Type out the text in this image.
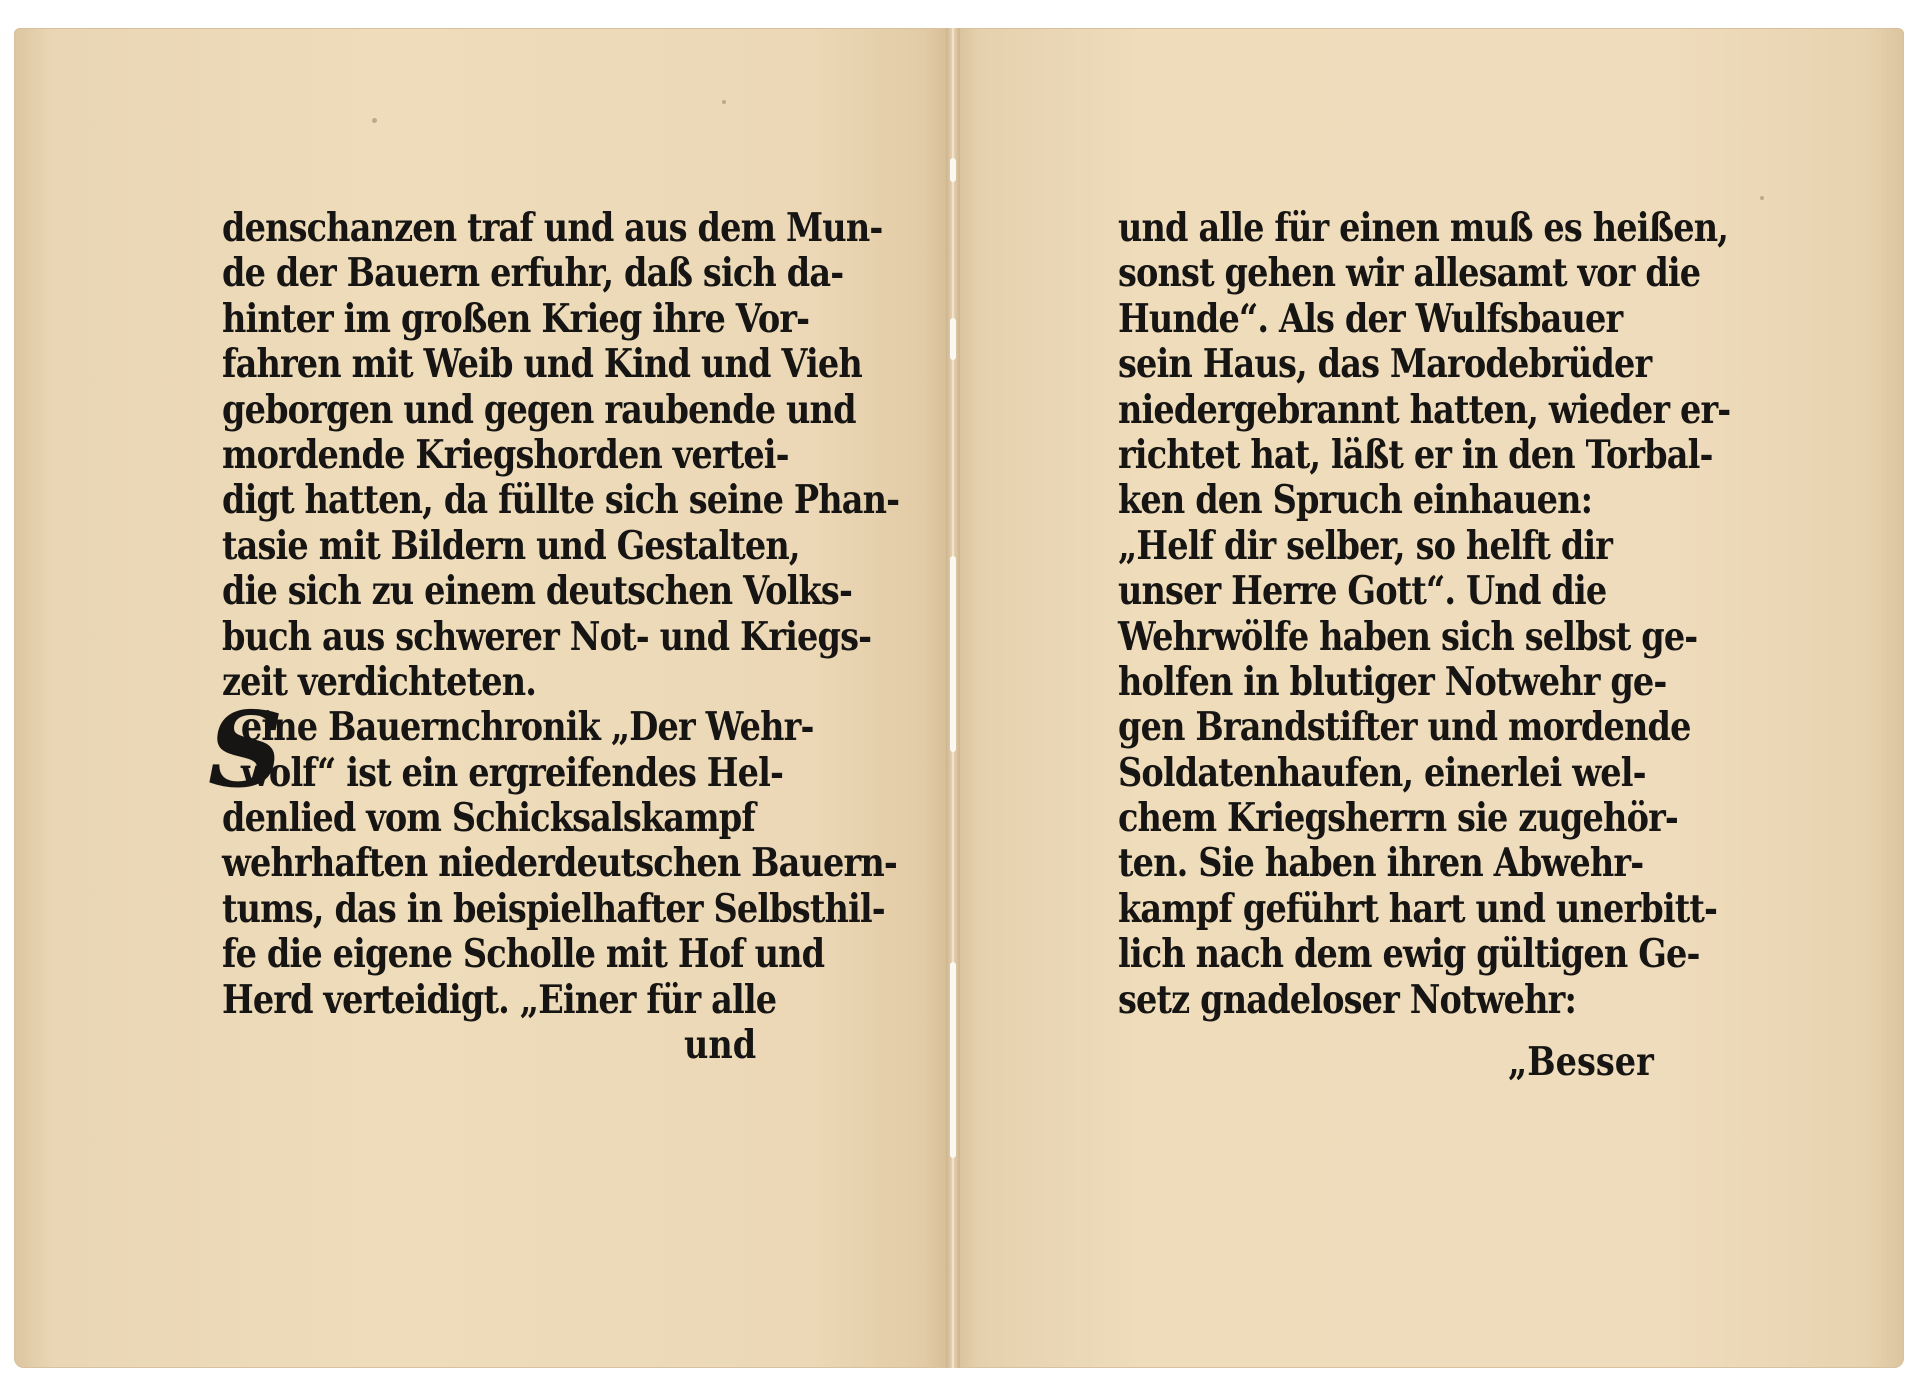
denschanzen traf und aus dem Mun-
de der Bauern erfuhr, daß sich da-
hinter im großen Krieg ihre Vor-
fahren mit Weib und Kind und Vieh
geborgen und gegen raubende und
mordende Kriegshorden vertei-
digt hatten, da füllte sich seine Phan-
tasie mit Bildern und Gestalten,
die sich zu einem deutschen Volks-
buch aus schwerer Not- und Kriegs-
zeit verdichteten.
eine Bauernchronik „Der Wehr-
wolf“ ist ein ergreifendes Hel-
denlied vom Schicksalskampf
wehrhaften niederdeutschen Bauern-
tums, das in beispielhafter Selbsthil-
fe die eigene Scholle mit Hof und
Herd verteidigt. „Einer für alle
S
und
und alle für einen muß es heißen,
sonst gehen wir allesamt vor die
Hunde“. Als der Wulfsbauer
sein Haus, das Marodebrüder
niedergebrannt hatten, wieder er-
richtet hat, läßt er in den Torbal-
ken den Spruch einhauen:
„Helf dir selber, so helft dir
unser Herre Gott“. Und die
Wehrwölfe haben sich selbst ge-
holfen in blutiger Notwehr ge-
gen Brandstifter und mordende
Soldatenhaufen, einerlei wel-
chem Kriegsherrn sie zugehör-
ten. Sie haben ihren Abwehr-
kampf geführt hart und unerbitt-
lich nach dem ewig gültigen Ge-
setz gnadeloser Notwehr:
„Besser
